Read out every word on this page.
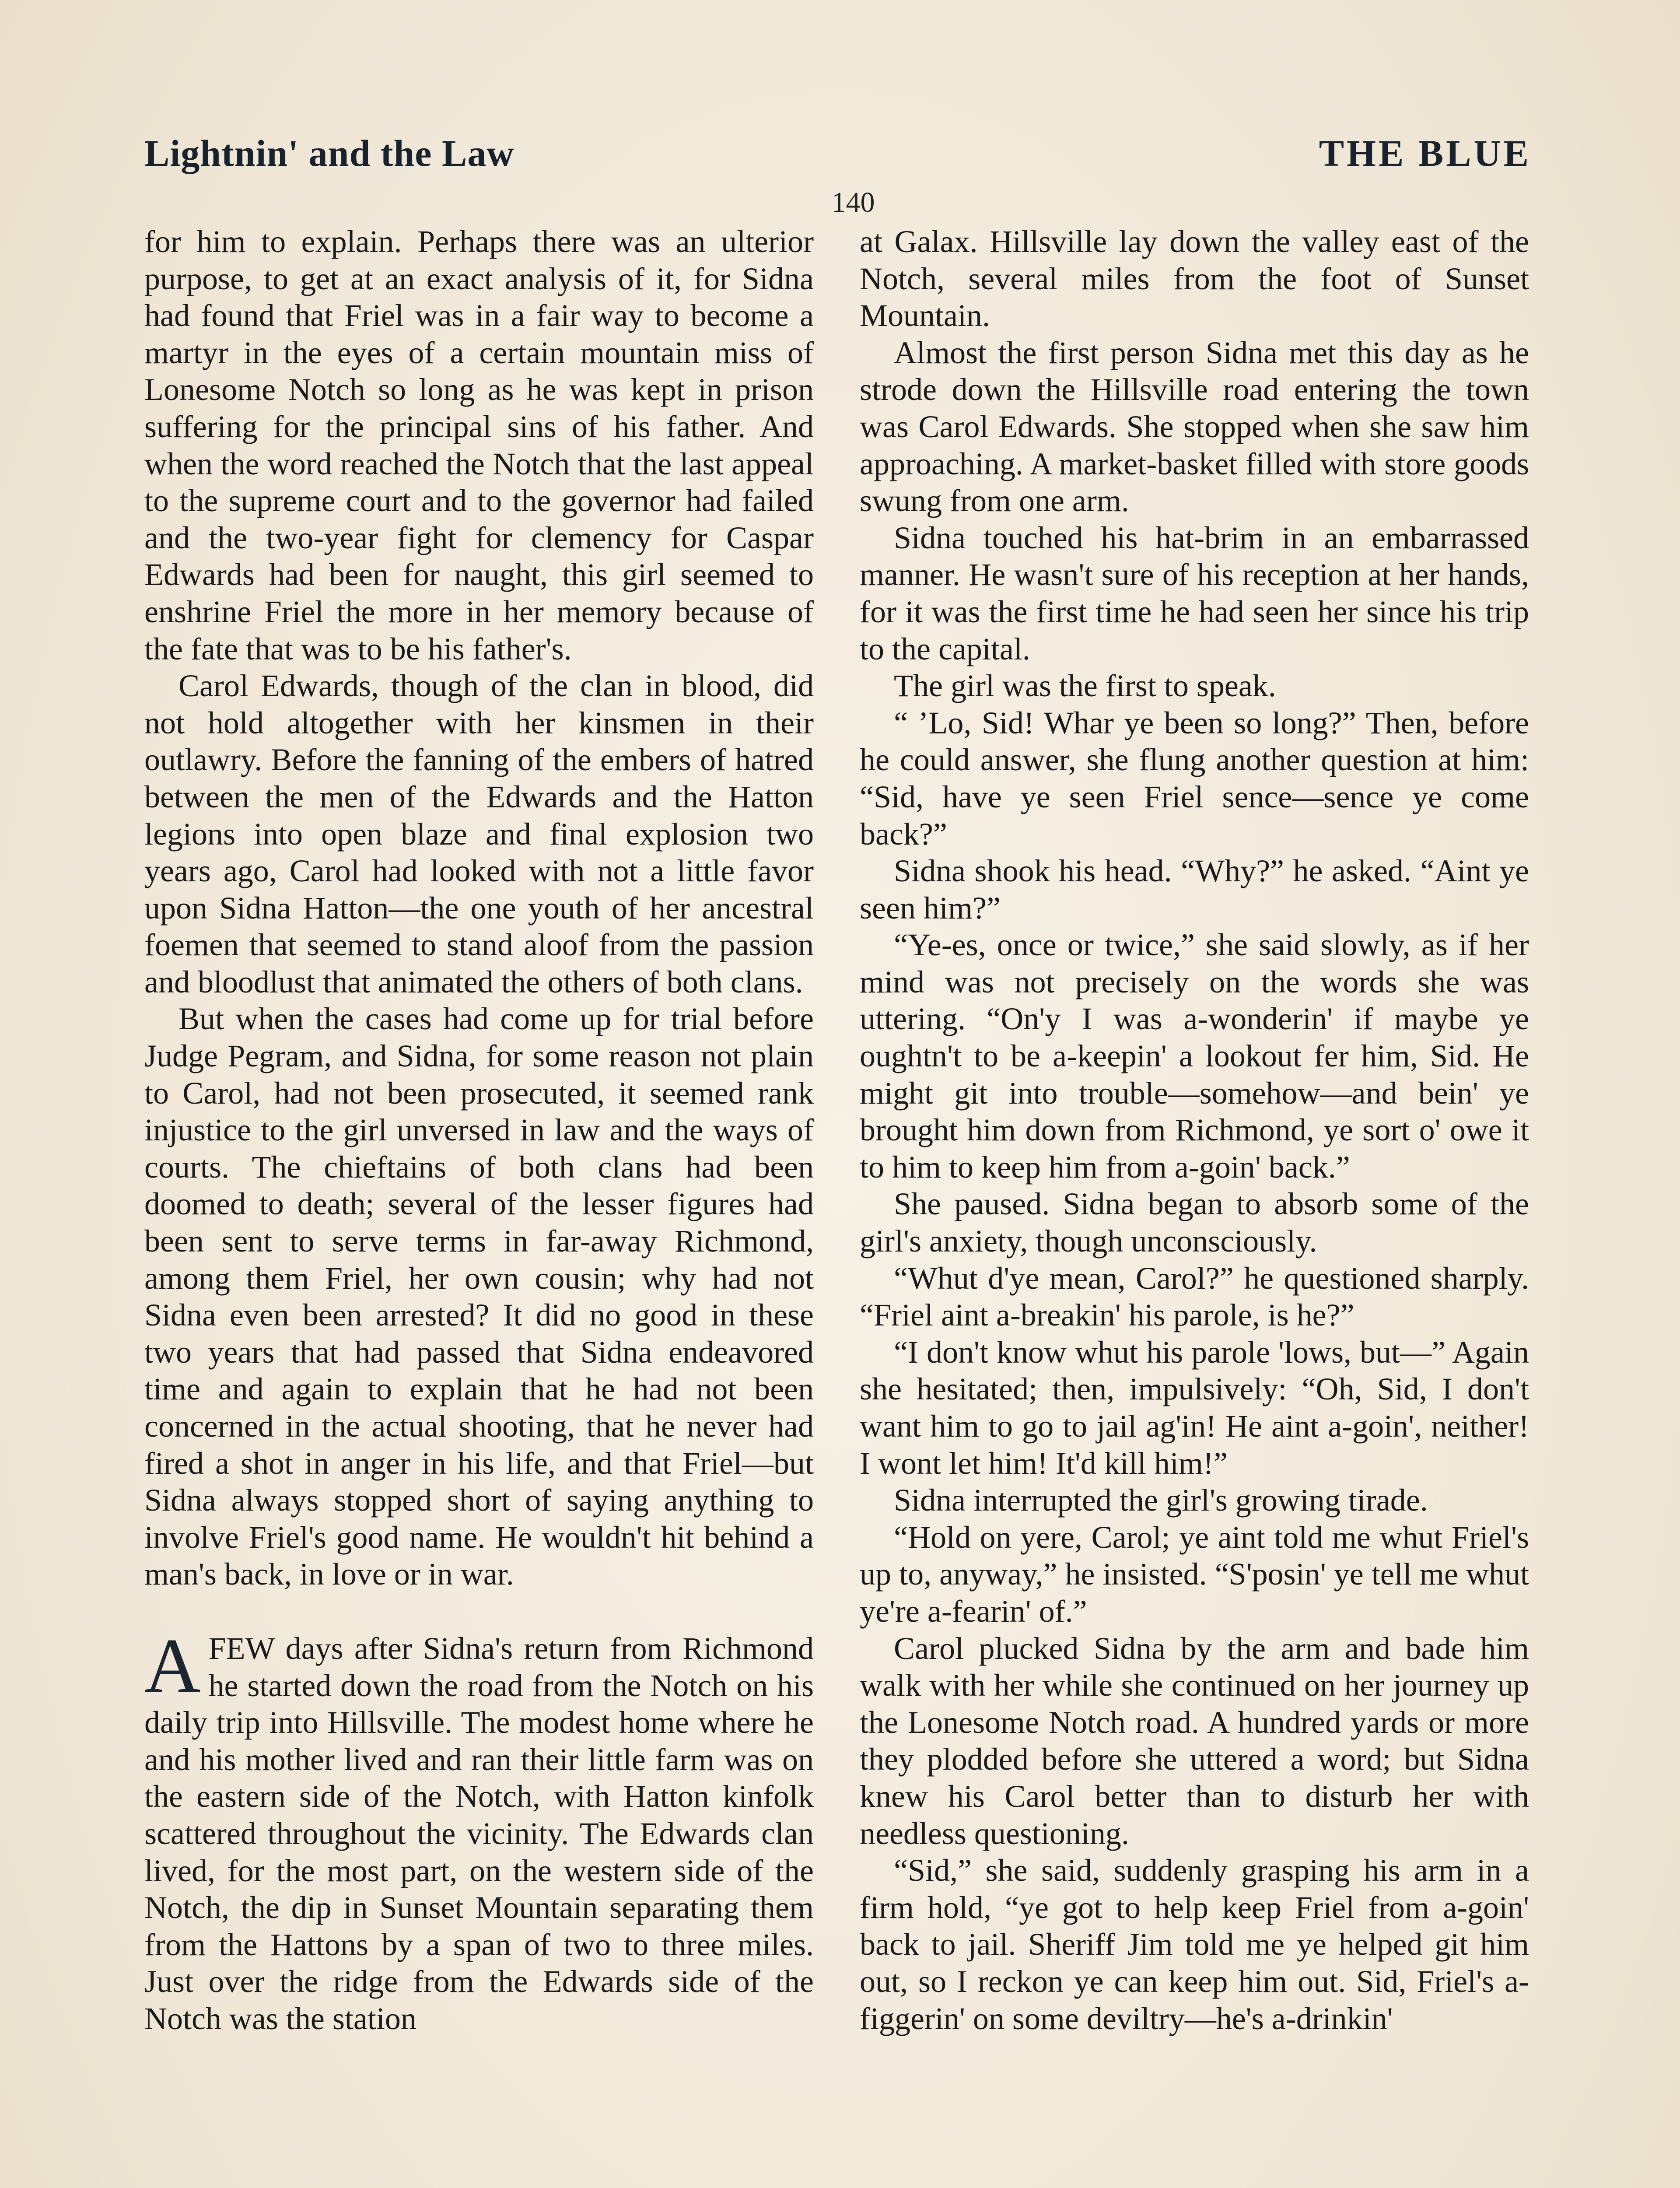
Lightnin' and the Law	THE BLUE
140

for him to explain. Perhaps there was an ulterior purpose, to get at an exact analysis of it, for Sidna had found that Friel was in a fair way to become a martyr in the eyes of a certain mountain miss of Lonesome Notch so long as he was kept in prison suffering for the principal sins of his father. And when the word reached the Notch that the last appeal to the supreme court and to the governor had failed and the two-year fight for clemency for Caspar Edwards had been for naught, this girl seemed to enshrine Friel the more in her memory because of the fate that was to be his father's.

Carol Edwards, though of the clan in blood, did not hold altogether with her kinsmen in their outlawry. Before the fanning of the embers of hatred between the men of the Edwards and the Hatton legions into open blaze and final explosion two years ago, Carol had looked with not a little favor upon Sidna Hatton—the one youth of her ancestral foemen that seemed to stand aloof from the passion and bloodlust that animated the others of both clans.

But when the cases had come up for trial before Judge Pegram, and Sidna, for some reason not plain to Carol, had not been prosecuted, it seemed rank injustice to the girl unversed in law and the ways of courts. The chieftains of both clans had been doomed to death; several of the lesser figures had been sent to serve terms in far-away Richmond, among them Friel, her own cousin; why had not Sidna even been arrested? It did no good in these two years that had passed that Sidna endeavored time and again to explain that he had not been concerned in the actual shooting, that he never had fired a shot in anger in his life, and that Friel—but Sidna always stopped short of saying anything to involve Friel's good name. He wouldn't hit behind a man's back, in love or in war.

AFEW days after Sidna's return from Richmond he started down the road from the Notch on his daily trip into Hillsville. The modest home where he and his mother lived and ran their little farm was on the eastern side of the Notch, with Hatton kinfolk scattered throughout the vicinity. The Edwards clan lived, for the most part, on the western side of the Notch, the dip in Sunset Mountain separating them from the Hattons by a span of two to three miles. Just over the ridge from the Edwards side of the Notch was the station

at Galax. Hillsville lay down the valley east of the Notch, several miles from the foot of Sunset Mountain.

Almost the first person Sidna met this day as he strode down the Hillsville road entering the town was Carol Edwards. She stopped when she saw him approaching. A market-basket filled with store goods swung from one arm.

Sidna touched his hat-brim in an embarrassed manner. He wasn't sure of his reception at her hands, for it was the first time he had seen her since his trip to the capital.

The girl was the first to speak.

“ ’Lo, Sid! Whar ye been so long?” Then, before he could answer, she flung another question at him: “Sid, have ye seen Friel sence—sence ye come back?”

Sidna shook his head. “Why?” he asked. “Aint ye seen him?”

“Ye-es, once or twice,” she said slowly, as if her mind was not precisely on the words she was uttering. “On'y I was a-wonderin' if maybe ye oughtn't to be a-keepin' a lookout fer him, Sid. He might git into trouble—somehow—and bein' ye brought him down from Richmond, ye sort o' owe it to him to keep him from a-goin' back.”

She paused. Sidna began to absorb some of the girl's anxiety, though unconsciously.

“Whut d'ye mean, Carol?” he questioned sharply. “Friel aint a-breakin' his parole, is he?”

“I don't know whut his parole 'lows, but—” Again she hesitated; then, impulsively: “Oh, Sid, I don't want him to go to jail ag'in! He aint a-goin', neither! I wont let him! It'd kill him!”

Sidna interrupted the girl's growing tirade.

“Hold on yere, Carol; ye aint told me whut Friel's up to, anyway,” he insisted. “S'posin' ye tell me whut ye're a-fearin' of.”

Carol plucked Sidna by the arm and bade him walk with her while she continued on her journey up the Lonesome Notch road. A hundred yards or more they plodded before she uttered a word; but Sidna knew his Carol better than to disturb her with needless questioning.

“Sid,” she said, suddenly grasping his arm in a firm hold, “ye got to help keep Friel from a-goin' back to jail. Sheriff Jim told me ye helped git him out, so I reckon ye can keep him out. Sid, Friel's a-figgerin' on some deviltry—he's a-drinkin'
